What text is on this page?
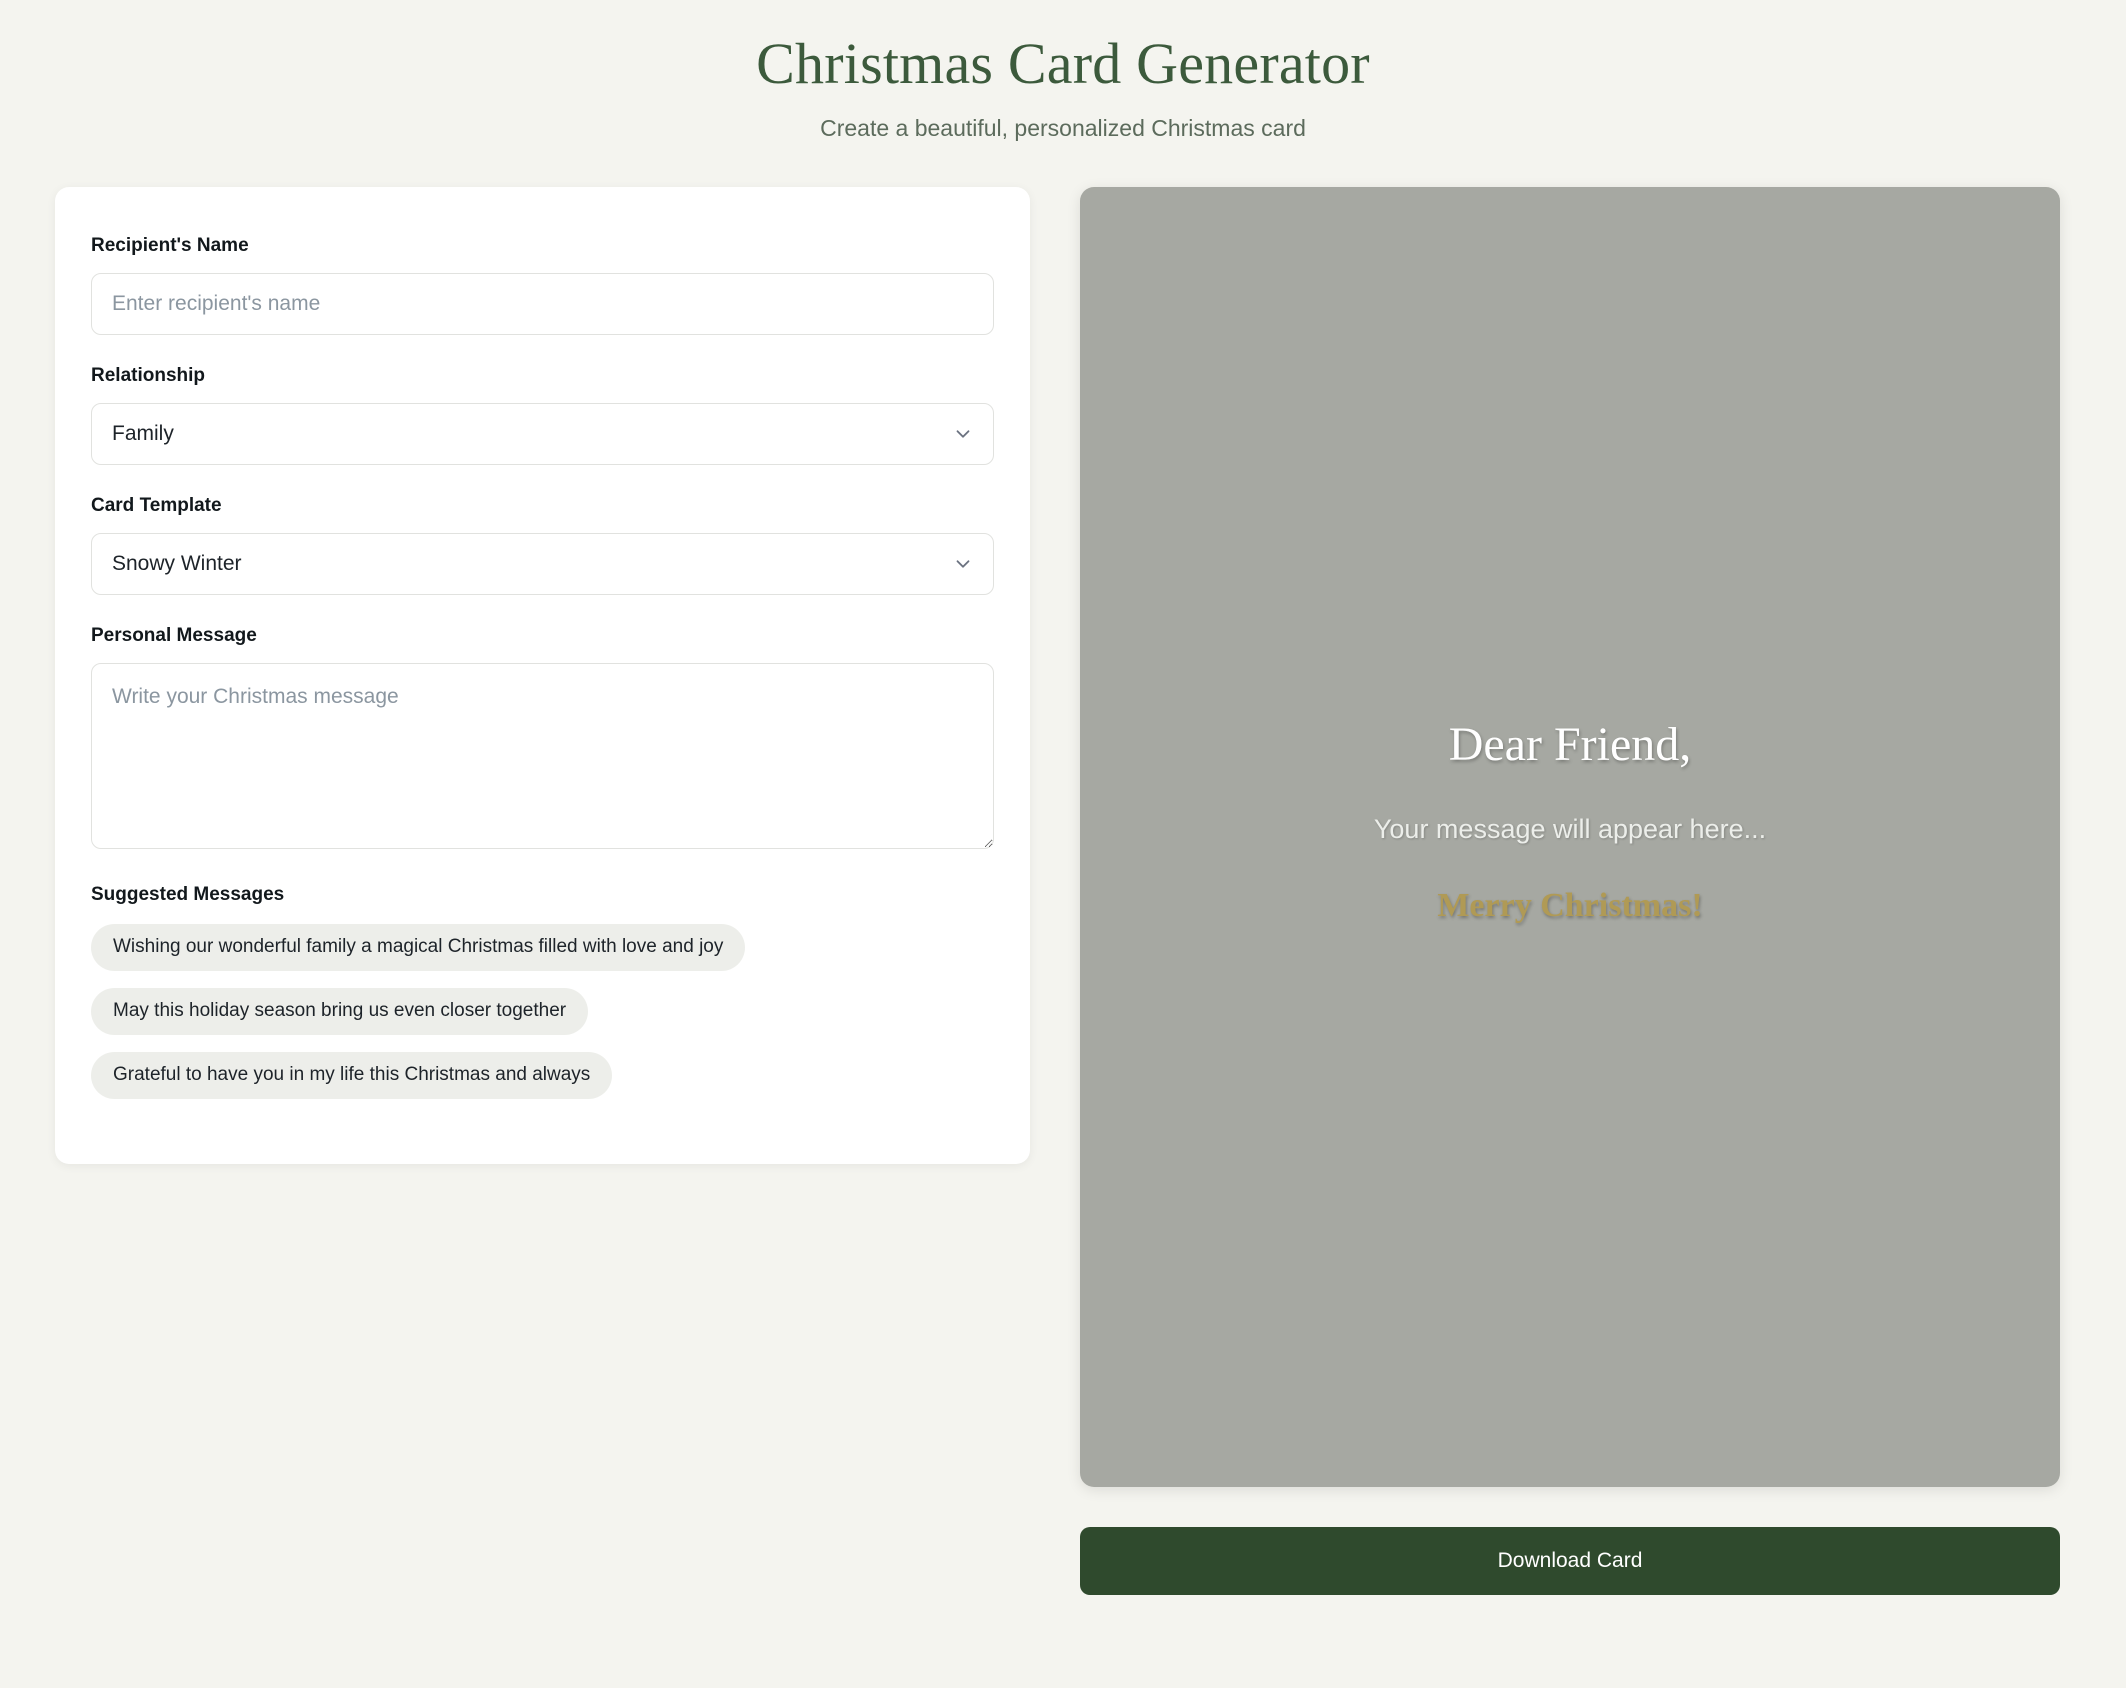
Christmas Card Generator

Create a beautiful, personalized Christmas card

Recipient's Name
Enter recipient's name
Relationship
Family
Card Template
Snowy Winter
Personal Message
Write your Christmas message
Suggested Messages
Wishing our wonderful family a magical Christmas filled with love and joy
May this holiday season bring us even closer together
Grateful to have you in my life this Christmas and always
Dear Friend,
Your message will appear here...
Merry Christmas!
Download Card
